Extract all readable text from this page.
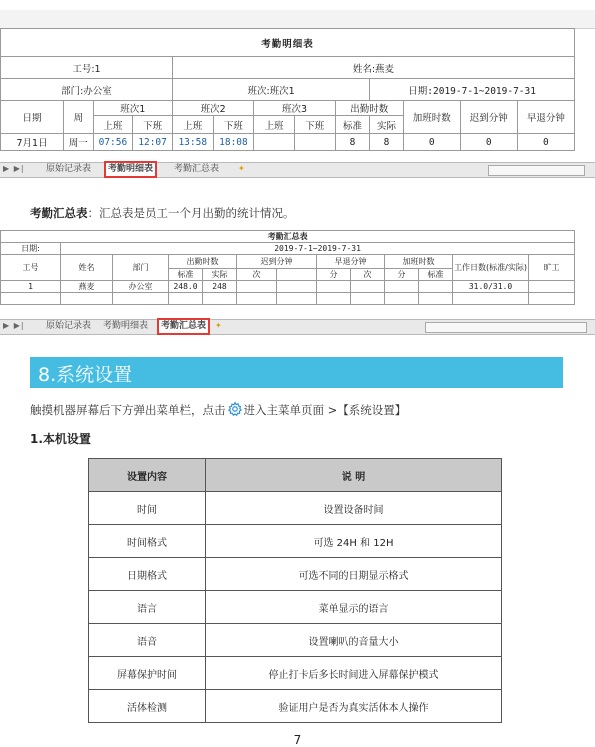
考勤明细表												
工号:1				姓名:燕麦								
部门:办公室				班次:班次1					日期:2019-7-1~2019-7-31			
日期	周	班次1		班次2		班次3		出勤时数		加班时数	迟到分钟	早退分钟
		上班	下班	上班	下班	上班	下班	标准	实际			
7月1日	周一	07:56	12:07	13:58	18:08			8	8	0	0	0
▶ ▶| 原始记录表	考勤明细表	考勤汇总表 ✦
考勤汇总表：汇总表是员工一个月出勤的统计情况。
考勤汇总表												
日期:	2019-7-1~2019-7-31											
工号	姓名	部门	出勤时数		迟到分钟		早退分钟		加班时数		工作日数(标准/实际)	旷工
			标准	实际	次		分	次	分	标准		
1	燕麦	办公室	248.0	248							31.0/31.0	

▶ ▶| 原始记录表 考勤明细表	考勤汇总表	✦
8.系统设置
触摸机器屏幕后下方弹出菜单栏，点击 进入主菜单页面 >【系统设置】
1.本机设置
设置内容	说 明
时间	设置设备时间
时间格式	可选 24H 和 12H
日期格式	可选不同的日期显示格式
语言	菜单显示的语言
语音	设置喇叭的音量大小
屏幕保护时间	停止打卡后多长时间进入屏幕保护模式
活体检测	验证用户是否为真实活体本人操作
7
